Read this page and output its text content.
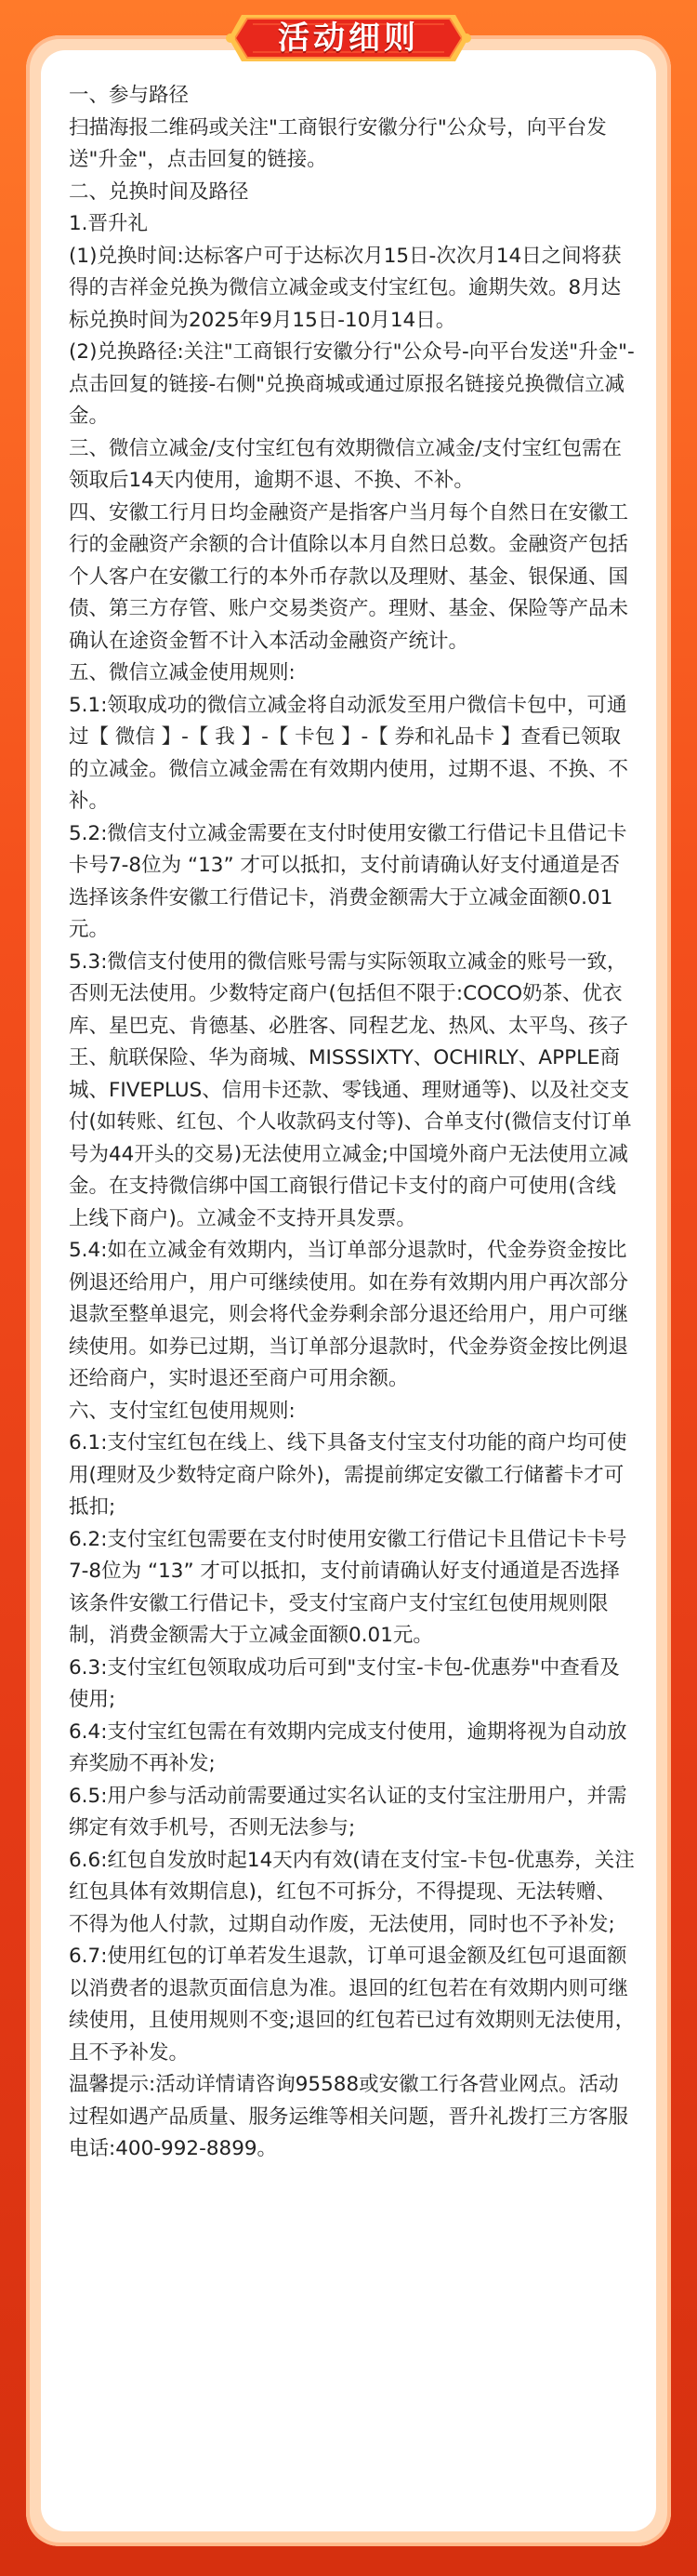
活动细则

一、参与路径

扫描海报二维码或关注"工商银行安徽分行"公众号，向平台发送"升金"，点击回复的链接。

二、兑换时间及路径

1.晋升礼

(1)兑换时间:达标客户可于达标次月15日-次次月14日之间将获得的吉祥金兑换为微信立减金或支付宝红包。逾期失效。8月达标兑换时间为2025年9月15日-10月14日。

(2)兑换路径:关注"工商银行安徽分行"公众号-向平台发送"升金"- 点击回复的链接-右侧"兑换商城或通过原报名链接兑换微信立减金。

三、微信立减金/支付宝红包有效期微信立减金/支付宝红包需在领取后14天内使用，逾期不退、不换、不补。

四、安徽工行月日均金融资产是指客户当月每个自然日在安徽工行的金融资产余额的合计值除以本月自然日总数。金融资产包括个人客户在安徽工行的本外币存款以及理财、基金、银保通、国债、第三方存管、账户交易类资产。理财、基金、保险等产品未确认在途资金暂不计入本活动金融资产统计。

五、微信立减金使用规则:

5.1:领取成功的微信立减金将自动派发至用户微信卡包中，可通过【 微信 】-【 我 】-【 卡包 】-【 券和礼品卡 】查看已领取的立减金。微信立减金需在有效期内使用，过期不退、不换、不补。

5.2:微信支付立减金需要在支付时使用安徽工行借记卡且借记卡卡号7-8位为 “13” 才可以抵扣，支付前请确认好支付通道是否选择该条件安徽工行借记卡，消费金额需大于立减金面额0.01元。

5.3:微信支付使用的微信账号需与实际领取立减金的账号一致，否则无法使用。少数特定商户(包括但不限于:COCO奶茶、优衣库、星巴克、肯德基、必胜客、同程艺龙、热风、太平鸟、孩子王、航联保险、华为商城、MISSSIXTY、OCHIRLY、APPLE商城、FIVEPLUS、信用卡还款、零钱通、理财通等)、以及社交支付(如转账、红包、个人收款码支付等)、合单支付(微信支付订单号为44开头的交易)无法使用立减金;中国境外商户无法使用立减金。在支持微信绑中国工商银行借记卡支付的商户可使用(含线上线下商户)。立减金不支持开具发票。

5.4:如在立减金有效期内，当订单部分退款时，代金券资金按比例退还给用户，用户可继续使用。如在券有效期内用户再次部分退款至整单退完，则会将代金券剩余部分退还给用户，用户可继续使用。如券已过期，当订单部分退款时，代金券资金按比例退还给商户，实时退还至商户可用余额。

六、支付宝红包使用规则:

6.1:支付宝红包在线上、线下具备支付宝支付功能的商户均可使用(理财及少数特定商户除外)，需提前绑定安徽工行储蓄卡才可抵扣;

6.2:支付宝红包需要在支付时使用安徽工行借记卡且借记卡卡号7-8位为 “13” 才可以抵扣，支付前请确认好支付通道是否选择该条件安徽工行借记卡，受支付宝商户支付宝红包使用规则限制，消费金额需大于立减金面额0.01元。

6.3:支付宝红包领取成功后可到"支付宝-卡包-优惠券"中查看及使用;

6.4:支付宝红包需在有效期内完成支付使用，逾期将视为自动放弃奖励不再补发;

6.5:用户参与活动前需要通过实名认证的支付宝注册用户，并需绑定有效手机号，否则无法参与;

6.6:红包自发放时起14天内有效(请在支付宝-卡包-优惠券，关注红包具体有效期信息)，红包不可拆分，不得提现、无法转赠、不得为他人付款，过期自动作废，无法使用，同时也不予补发;

6.7:使用红包的订单若发生退款，订单可退金额及红包可退面额以消费者的退款页面信息为准。退回的红包若在有效期内则可继续使用，且使用规则不变;退回的红包若已过有效期则无法使用，且不予补发。

温馨提示:活动详情请咨询95588或安徽工行各营业网点。活动过程如遇产品质量、服务运维等相关问题，晋升礼拨打三方客服电话:400-992-8899。
